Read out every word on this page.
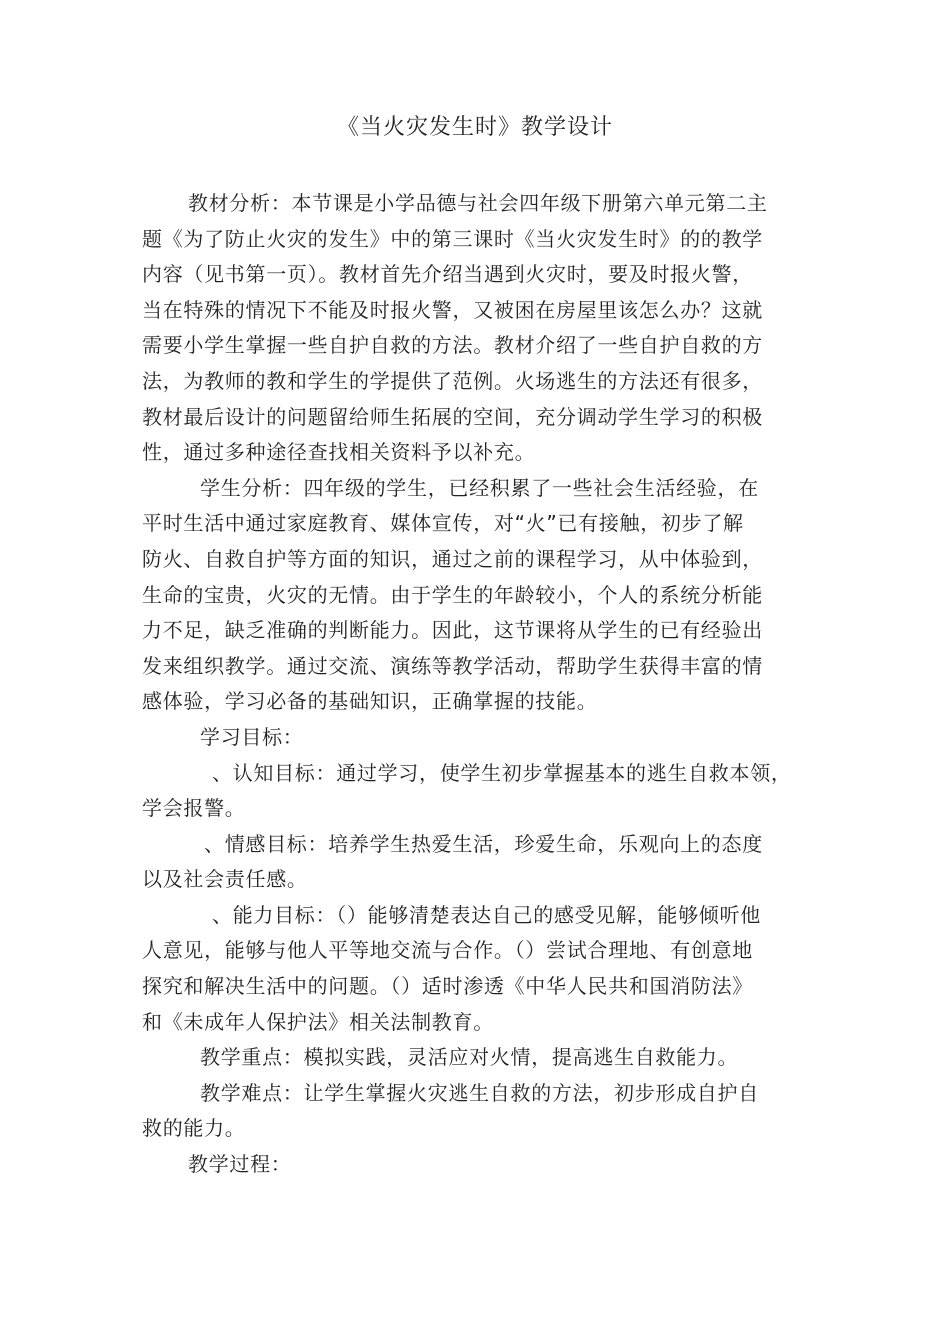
《当火灾发生时》教学设计
教材分析：本节课是小学品德与社会四年级下册第六单元第二主
题《为了防止火灾的发生》中的第三课时《当火灾发生时》的的教学
内容（见书第一页）。教材首先介绍当遇到火灾时，要及时报火警，
当在特殊的情况下不能及时报火警，又被困在房屋里该怎么办？这就
需要小学生掌握一些自护自救的方法。教材介绍了一些自护自救的方
法，为教师的教和学生的学提供了范例。火场逃生的方法还有很多，
教材最后设计的问题留给师生拓展的空间，充分调动学生学习的积极
性，通过多种途径查找相关资料予以补充。
学生分析：四年级的学生，已经积累了一些社会生活经验，在
平时生活中通过家庭教育、媒体宣传，对“火”已有接触，初步了解
防火、自救自护等方面的知识，通过之前的课程学习，从中体验到，
生命的宝贵，火灾的无情。由于学生的年龄较小，个人的系统分析能
力不足，缺乏准确的判断能力。因此，这节课将从学生的已有经验出
发来组织教学。通过交流、演练等教学活动，帮助学生获得丰富的情
感体验，学习必备的基础知识，正确掌握的技能。
学习目标：
、认知目标：通过学习，使学生初步掌握基本的逃生自救本领，
学会报警。
、情感目标：培养学生热爱生活，珍爱生命，乐观向上的态度
以及社会责任感。
、能力目标：（）能够清楚表达自己的感受见解，能够倾听他
人意见，能够与他人平等地交流与合作。（）尝试合理地、有创意地
探究和解决生活中的问题。（）适时渗透《中华人民共和国消防法》
和《未成年人保护法》相关法制教育。
教学重点：模拟实践，灵活应对火情，提高逃生自救能力。
教学难点：让学生掌握火灾逃生自救的方法，初步形成自护自
救的能力。
教学过程：
